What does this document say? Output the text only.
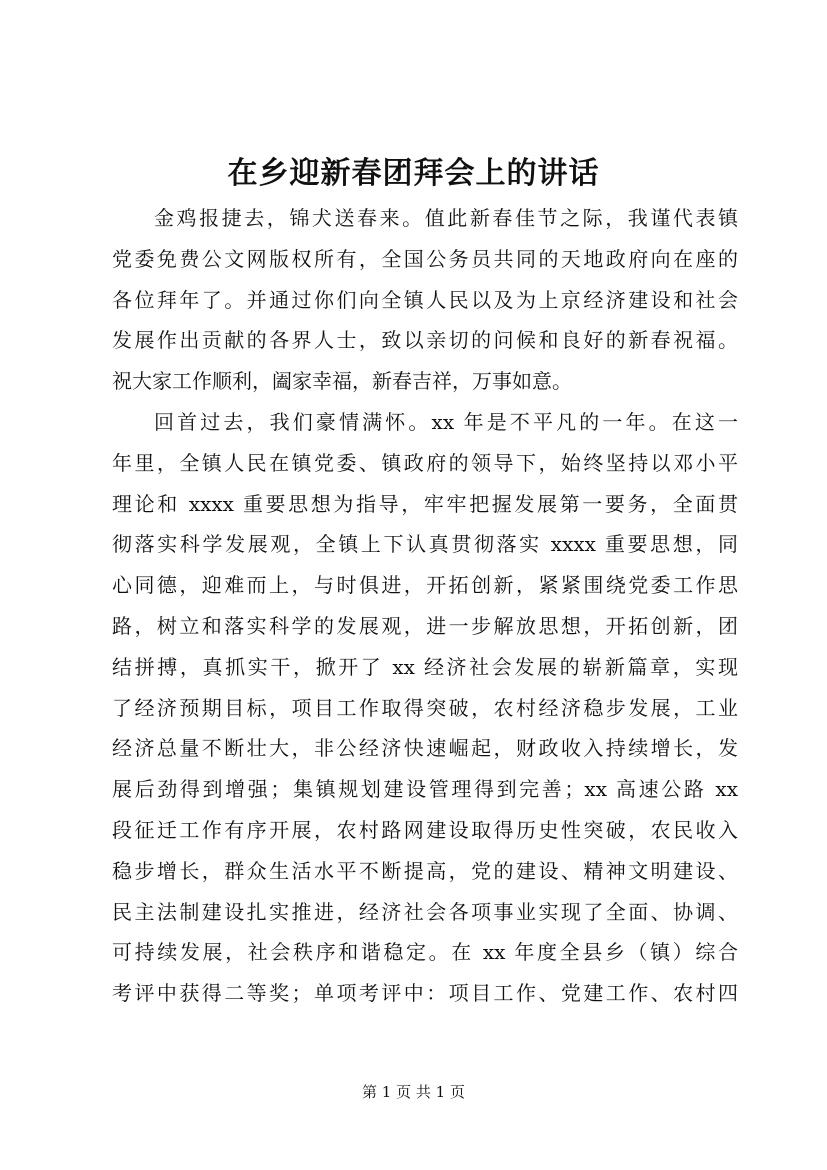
在乡迎新春团拜会上的讲话
金鸡报捷去，锦犬送春来。值此新春佳节之际，我谨代表镇
党委免费公文网版权所有，全国公务员共同的天地政府向在座的
各位拜年了。并通过你们向全镇人民以及为上京经济建设和社会
发展作出贡献的各界人士，致以亲切的问候和良好的新春祝福。
祝大家工作顺利，阖家幸福，新春吉祥，万事如意。
回首过去，我们豪情满怀。xx 年是不平凡的一年。在这一
年里，全镇人民在镇党委、镇政府的领导下，始终坚持以邓小平
理论和 xxxx 重要思想为指导，牢牢把握发展第一要务，全面贯
彻落实科学发展观，全镇上下认真贯彻落实 xxxx 重要思想，同
心同德，迎难而上，与时俱进，开拓创新，紧紧围绕党委工作思
路，树立和落实科学的发展观，进一步解放思想，开拓创新，团
结拼搏，真抓实干，掀开了 xx 经济社会发展的崭新篇章，实现
了经济预期目标，项目工作取得突破，农村经济稳步发展，工业
经济总量不断壮大，非公经济快速崛起，财政收入持续增长，发
展后劲得到增强；集镇规划建设管理得到完善；xx 高速公路 xx
段征迁工作有序开展，农村路网建设取得历史性突破，农民收入
稳步增长，群众生活水平不断提高，党的建设、精神文明建设、
民主法制建设扎实推进，经济社会各项事业实现了全面、协调、
可持续发展，社会秩序和谐稳定。在 xx 年度全县乡（镇）综合
考评中获得二等奖；单项考评中：项目工作、党建工作、农村四
第 1 页 共 1 页
